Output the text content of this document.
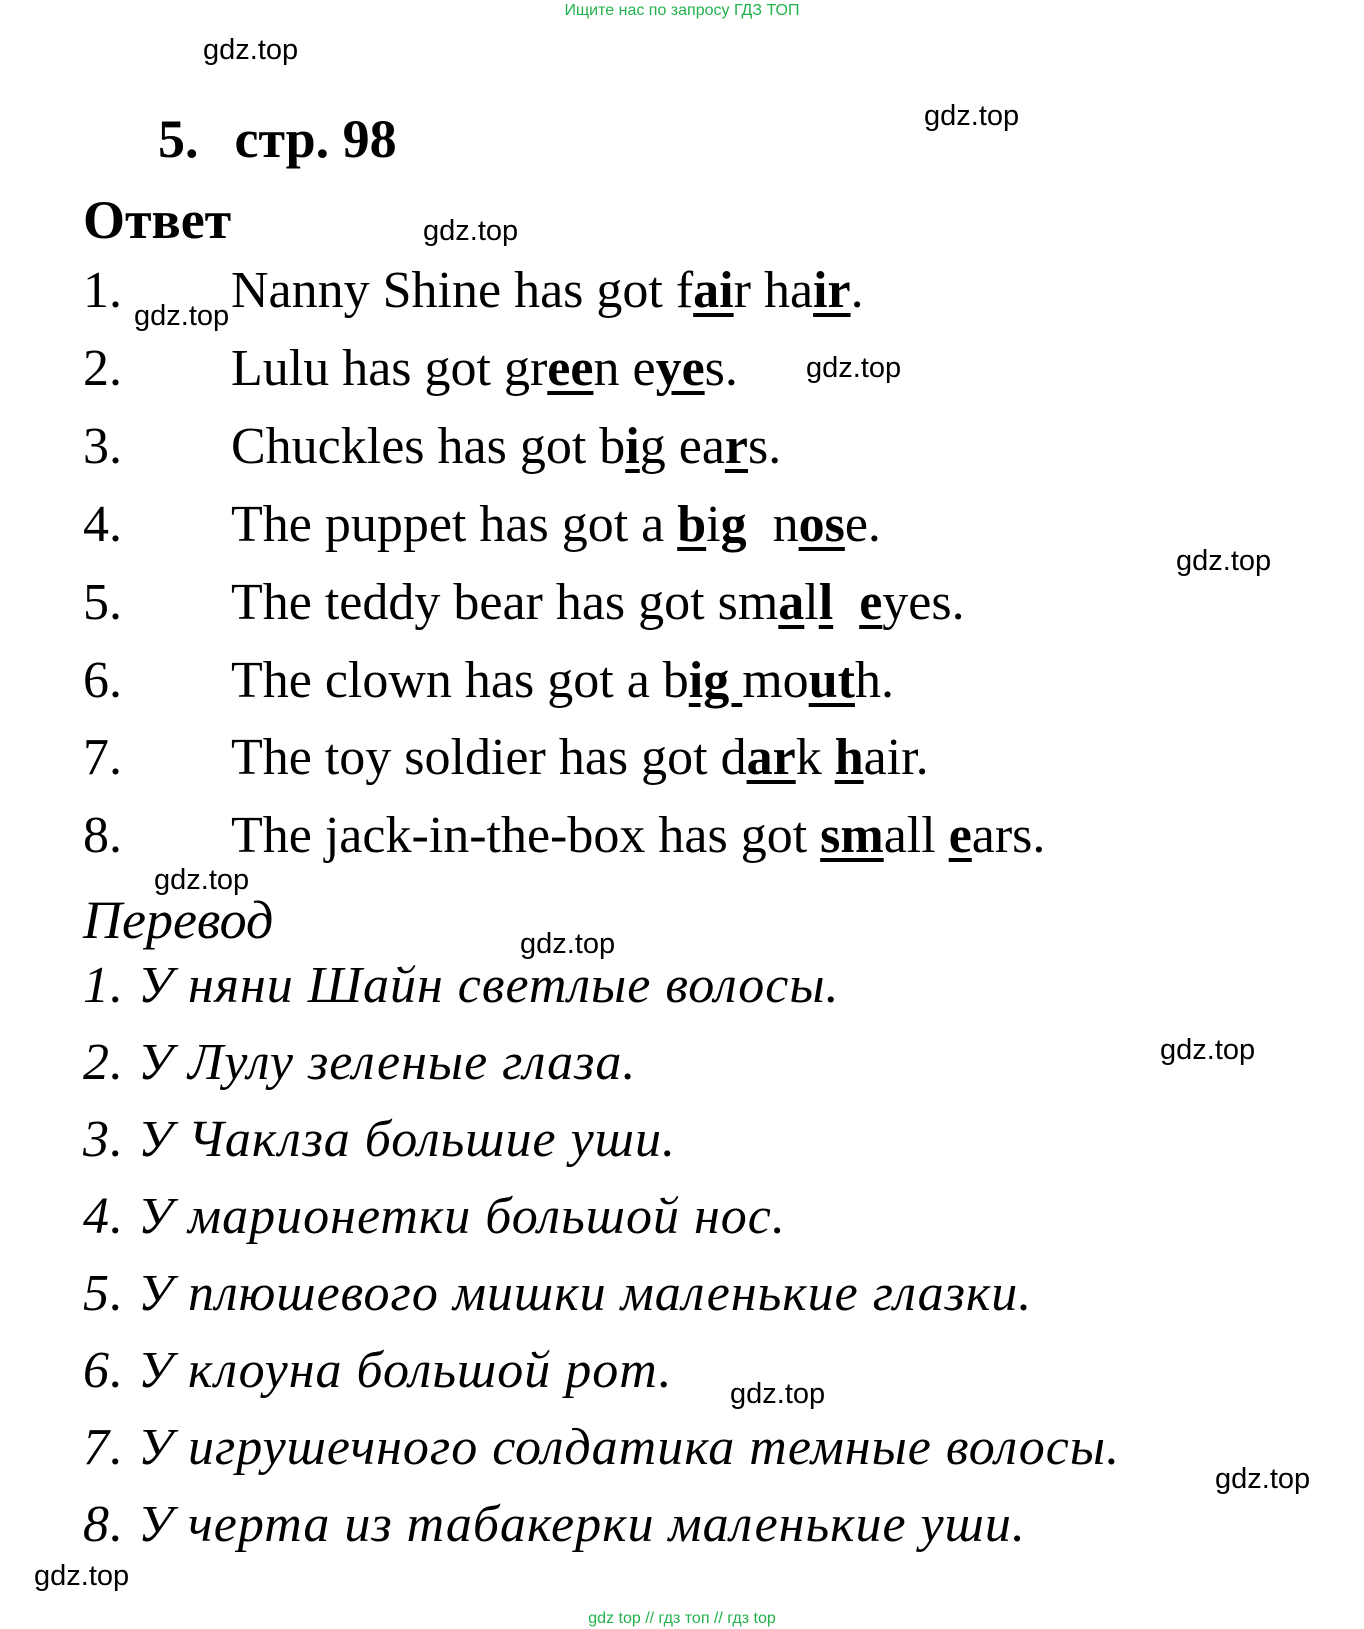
Ищите нас по запросу ГДЗ ТОП
gdz.top
gdz.top
gdz.top
gdz.top
gdz.top
gdz.top
gdz.top
gdz.top
gdz.top
gdz.top
gdz.top
gdz.top
5. стр. 98
Ответ
1. Nanny Shine has got fair hair.
2. Lulu has got green eyes.
3. Chuckles has got big ears.
4. The puppet has got a big  nose.
5. The teddy bear has got small eyes.
6. The clown has got a big mouth.
7. The toy soldier has got dark hair.
8. The jack-in-the-box has got small ears.
Перевод
1. У няни Шайн светлые волосы.
2. У Лулу зеленые глаза.
3. У Чаклза большие уши.
4. У марионетки большой нос.
5. У плюшевого мишки маленькие глазки.
6. У клоуна большой рот.
7. У игрушечного солдатика темные волосы.
8. У черта из табакерки маленькие уши.
gdz top // гдз топ // гдз top
